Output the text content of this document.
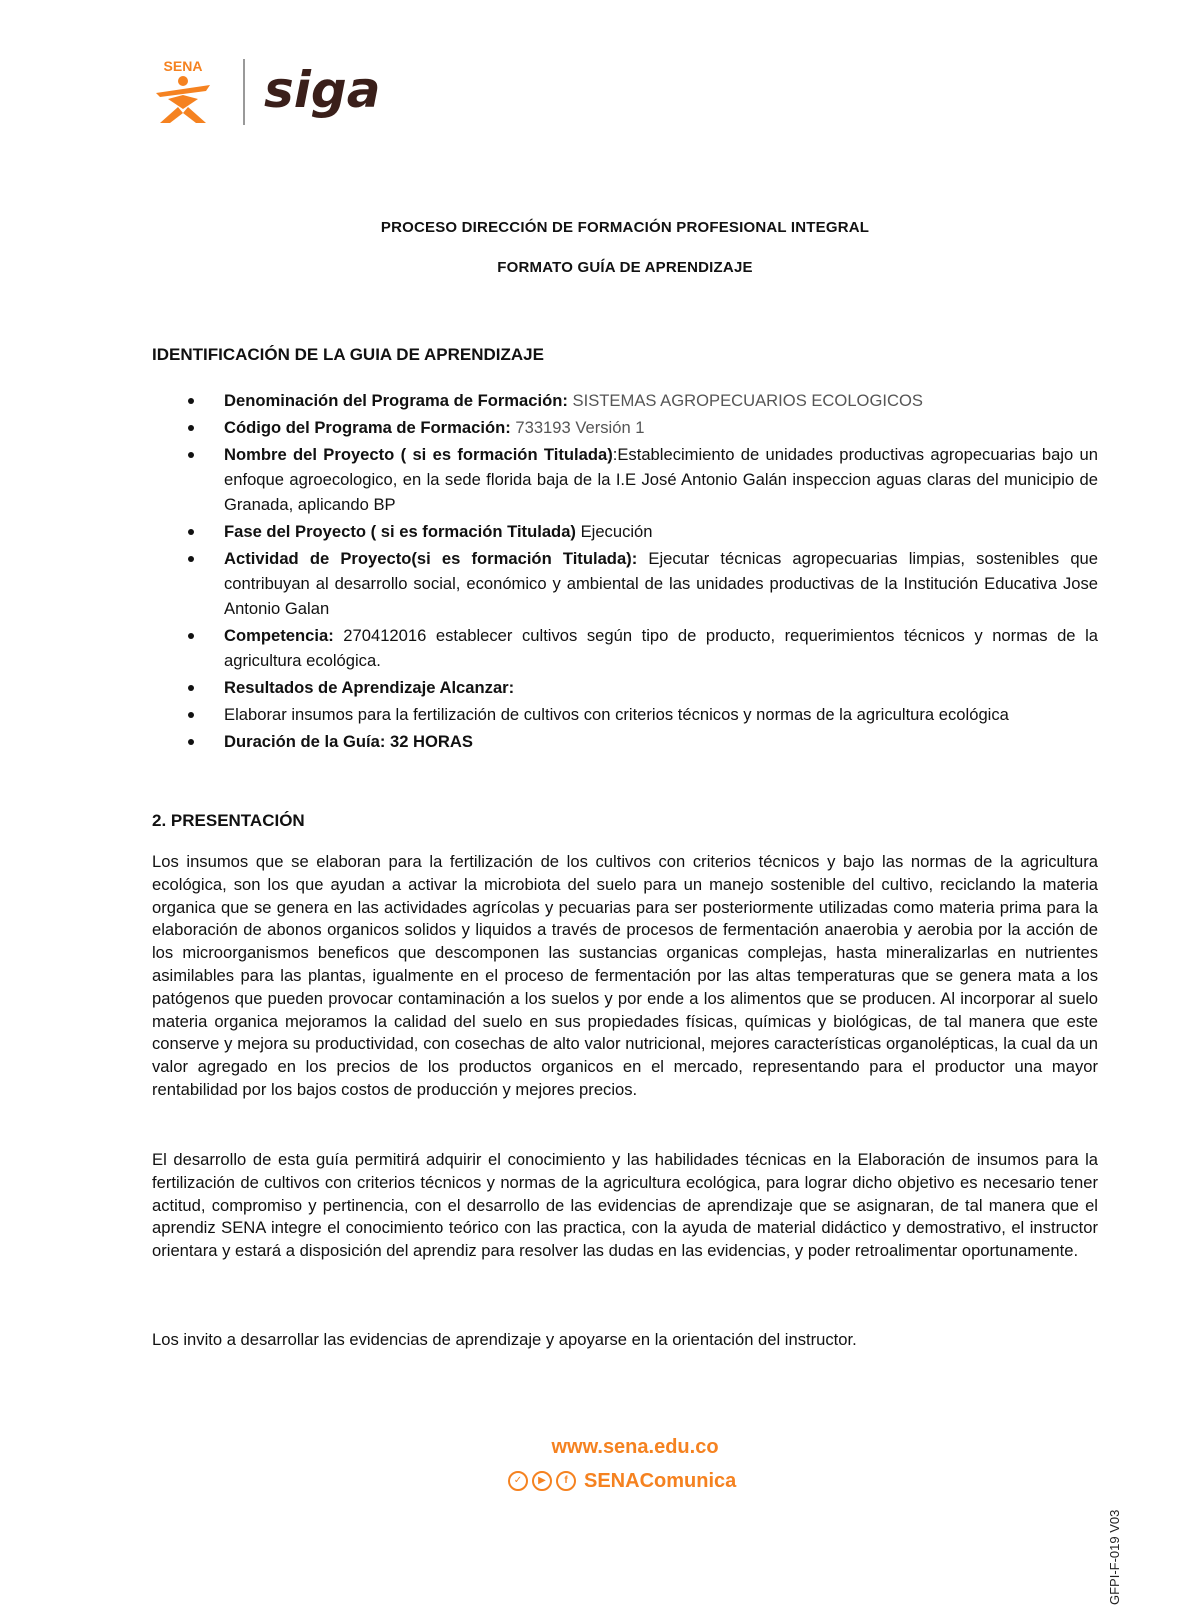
SENA siga
PROCESO DIRECCIÓN DE FORMACIÓN PROFESIONAL INTEGRAL
FORMATO GUÍA DE APRENDIZAJE
IDENTIFICACIÓN DE LA GUIA DE APRENDIZAJE
Denominación del Programa de Formación: SISTEMAS AGROPECUARIOS ECOLOGICOS
Código del Programa de Formación: 733193 Versión 1
Nombre del Proyecto ( si es formación Titulada):Establecimiento de unidades productivas agropecuarias bajo un enfoque agroecologico, en la sede florida baja de la I.E José Antonio Galán inspeccion aguas claras del municipio de Granada, aplicando BP
Fase del Proyecto ( si es formación Titulada) Ejecución
Actividad de Proyecto(si es formación Titulada): Ejecutar técnicas agropecuarias limpias, sostenibles que contribuyan al desarrollo social, económico y ambiental de las unidades productivas de la Institución Educativa Jose Antonio Galan
Competencia: 270412016 establecer cultivos según tipo de producto, requerimientos técnicos y normas de la agricultura ecológica.
Resultados de Aprendizaje Alcanzar:
Elaborar insumos para la fertilización de cultivos con criterios técnicos y normas de la agricultura ecológica
Duración de la Guía: 32 HORAS
2. PRESENTACIÓN

Los insumos que se elaboran para la fertilización de los cultivos con criterios técnicos y bajo las normas de la agricultura ecológica, son los que ayudan a activar la microbiota del suelo para un manejo sostenible del cultivo, reciclando la materia organica que se genera en las actividades agrícolas y pecuarias para ser posteriormente utilizadas como materia prima para la elaboración de abonos organicos solidos y liquidos a través de procesos de fermentación anaerobia y aerobia por la acción de los microorganismos beneficos que descomponen las sustancias organicas complejas, hasta mineralizarlas en nutrientes asimilables para las plantas, igualmente en el proceso de fermentación por las altas temperaturas que se genera mata a los patógenos que pueden provocar contaminación a los suelos y por ende a los alimentos que se producen. Al incorporar al suelo materia organica mejoramos la calidad del suelo en sus propiedades físicas, químicas y biológicas, de tal manera que este conserve y mejora su productividad, con cosechas de alto valor nutricional, mejores características organolépticas, la cual da un valor agregado en los precios de los productos organicos en el mercado, representando para el productor una mayor rentabilidad por los bajos costos de producción y mejores precios.

El desarrollo de esta guía permitirá adquirir el conocimiento y las habilidades técnicas en la Elaboración de insumos para la fertilización de cultivos con criterios técnicos y normas de la agricultura ecológica, para lograr dicho objetivo es necesario tener actitud, compromiso y pertinencia, con el desarrollo de las evidencias de aprendizaje que se asignaran, de tal manera que el aprendiz SENA integre el conocimiento teórico con las practica, con la ayuda de material didáctico y demostrativo, el instructor orientara y estará a disposición del aprendiz para resolver las dudas en las evidencias, y poder retroalimentar oportunamente.

Los invito a desarrollar las evidencias de aprendizaje y apoyarse en la orientación del instructor.

www.sena.edu.co
✓	▶	f SENAComunica
GFPI-F-019 V03
